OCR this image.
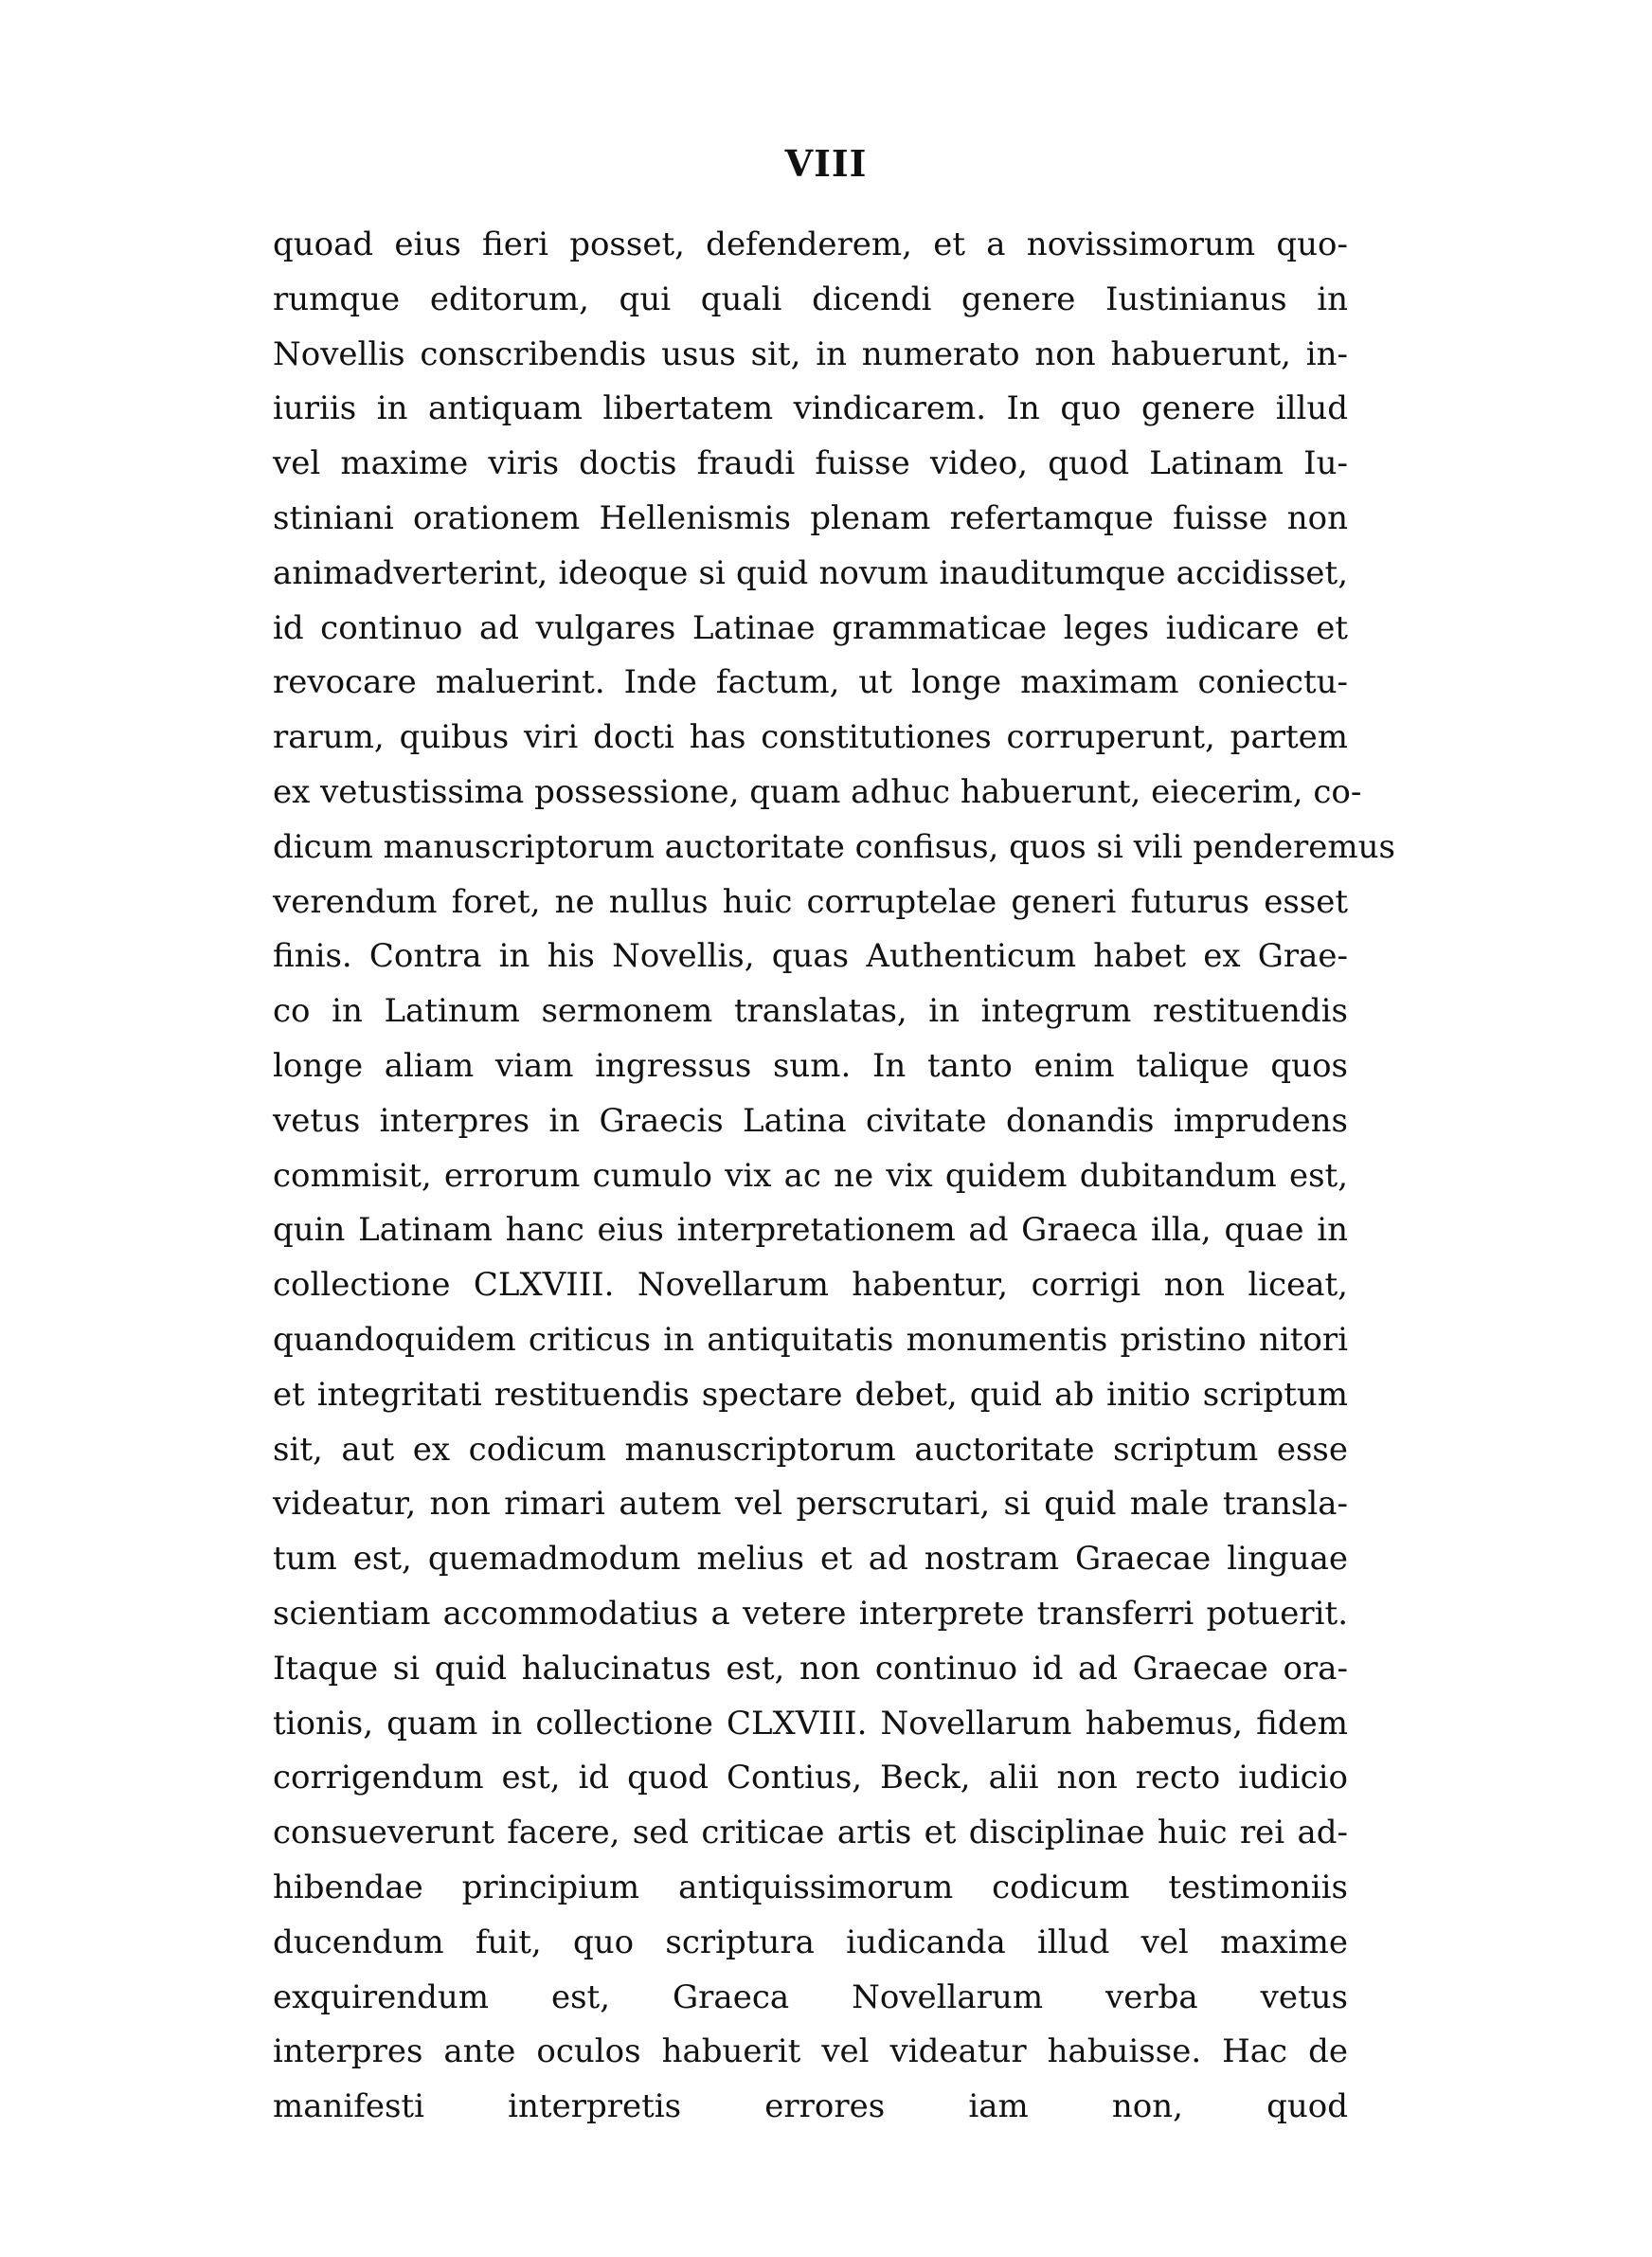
VIII
quoad eius fieri posset, defenderem, et a novissimorum quo-
rumque editorum, qui quali dicendi genere Iustinianus in
Novellis conscribendis usus sit, in numerato non habuerunt, in-
iuriis in antiquam libertatem vindicarem. In quo genere illud
vel maxime viris doctis fraudi fuisse video, quod Latinam Iu-
stiniani orationem Hellenismis plenam refertamque fuisse non
animadverterint, ideoque si quid novum inauditumque accidisset,
id continuo ad vulgares Latinae grammaticae leges iudicare et
revocare maluerint. Inde factum, ut longe maximam coniectu-
rarum, quibus viri docti has constitutiones corruperunt, partem
ex vetustissima possessione, quam adhuc habuerunt, eiecerim, co-
dicum manuscriptorum auctoritate confisus, quos si vili penderemus
verendum foret, ne nullus huic corruptelae generi futurus esset
finis. Contra in his Novellis, quas Authenticum habet ex Grae-
co in Latinum sermonem translatas, in integrum restituendis
longe aliam viam ingressus sum. In tanto enim talique quos
vetus interpres in Graecis Latina civitate donandis imprudens
commisit, errorum cumulo vix ac ne vix quidem dubitandum est,
quin Latinam hanc eius interpretationem ad Graeca illa, quae in
collectione CLXVIII. Novellarum habentur, corrigi non liceat,
quandoquidem criticus in antiquitatis monumentis pristino nitori
et integritati restituendis spectare debet, quid ab initio scriptum
sit, aut ex codicum manuscriptorum auctoritate scriptum esse
videatur, non rimari autem vel perscrutari, si quid male transla-
tum est, quemadmodum melius et ad nostram Graecae linguae
scientiam accommodatius a vetere interprete transferri potuerit.
Itaque si quid halucinatus est, non continuo id ad Graecae ora-
tionis, quam in collectione CLXVIII. Novellarum habemus, fidem
corrigendum est, id quod Contius, Beck, alii non recto iudicio
consueverunt facere, sed criticae artis et disciplinae huic rei ad-
hibendae principium antiquissimorum codicum testimoniis
ducendum fuit, quo scriptura iudicanda illud vel maxime
exquirendum est, Graeca Novellarum verba vetus
interpres ante oculos habuerit vel videatur habuisse. Hac de
manifesti interpretis errores iam non, quod
